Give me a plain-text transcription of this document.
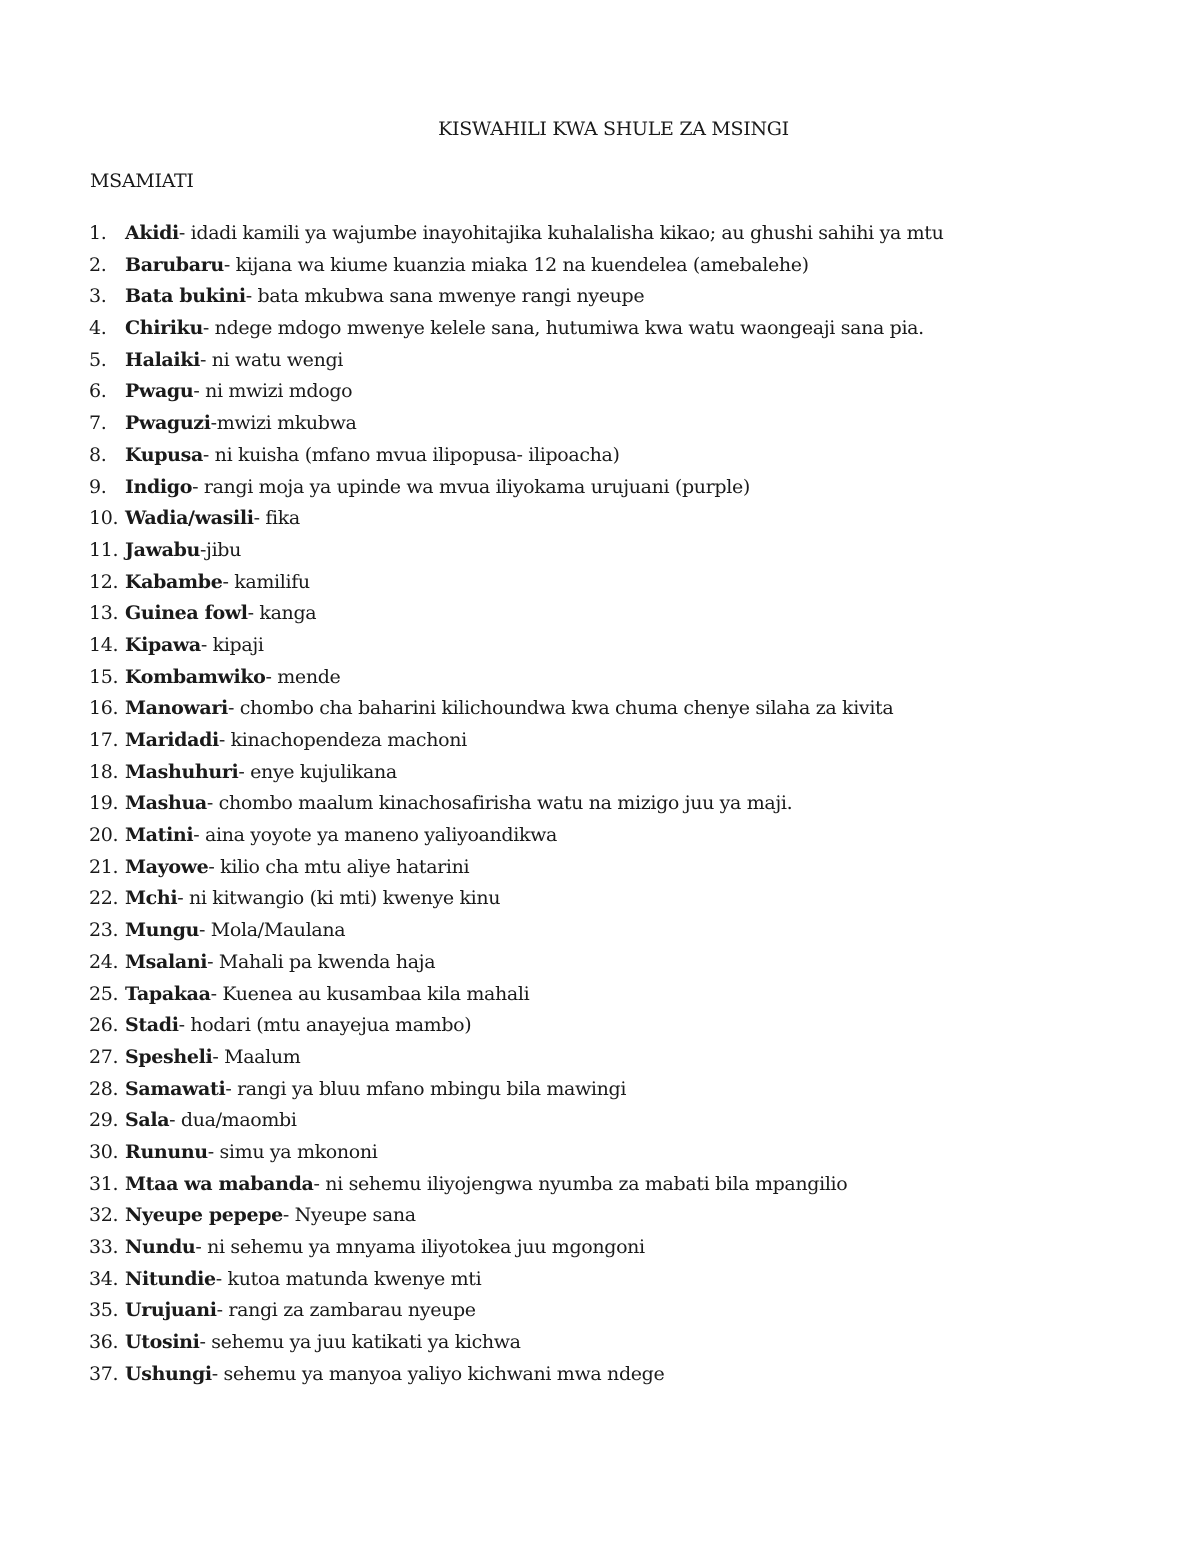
KISWAHILI KWA SHULE ZA MSINGI
MSAMIATI
1. Akidi- idadi kamili ya wajumbe inayohitajika kuhalalisha kikao; au ghushi sahihi ya mtu
2. Barubaru- kijana wa kiume kuanzia miaka 12 na kuendelea (amebalehe)
3. Bata bukini- bata mkubwa sana mwenye rangi nyeupe
4. Chiriku- ndege mdogo mwenye kelele sana, hutumiwa kwa watu waongeaji sana pia.
5. Halaiki- ni watu wengi
6. Pwagu- ni mwizi mdogo
7. Pwaguzi-mwizi mkubwa
8. Kupusa- ni kuisha (mfano mvua ilipopusa- ilipoacha)
9. Indigo- rangi moja ya upinde wa mvua iliyokama urujuani (purple)
10. Wadia/wasili- fika
11. Jawabu-jibu
12. Kabambe- kamilifu
13. Guinea fowl- kanga
14. Kipawa- kipaji
15. Kombamwiko- mende
16. Manowari- chombo cha baharini kilichoundwa kwa chuma chenye silaha za kivita
17. Maridadi- kinachopendeza machoni
18. Mashuhuri- enye kujulikana
19. Mashua- chombo maalum kinachosafirisha watu na mizigo juu ya maji.
20. Matini- aina yoyote ya maneno yaliyoandikwa
21. Mayowe- kilio cha mtu aliye hatarini
22. Mchi- ni kitwangio (ki mti) kwenye kinu
23. Mungu- Mola/Maulana
24. Msalani- Mahali pa kwenda haja
25. Tapakaa- Kuenea au kusambaa kila mahali
26. Stadi- hodari (mtu anayejua mambo)
27. Spesheli- Maalum
28. Samawati- rangi ya bluu mfano mbingu bila mawingi
29. Sala- dua/maombi
30. Rununu- simu ya mkononi
31. Mtaa wa mabanda- ni sehemu iliyojengwa nyumba za mabati bila mpangilio
32. Nyeupe pepepe- Nyeupe sana
33. Nundu- ni sehemu ya mnyama iliyotokea juu mgongoni
34. Nitundie- kutoa matunda kwenye mti
35. Urujuani- rangi za zambarau nyeupe
36. Utosini- sehemu ya juu katikati ya kichwa
37. Ushungi- sehemu ya manyoa yaliyo kichwani mwa ndege
